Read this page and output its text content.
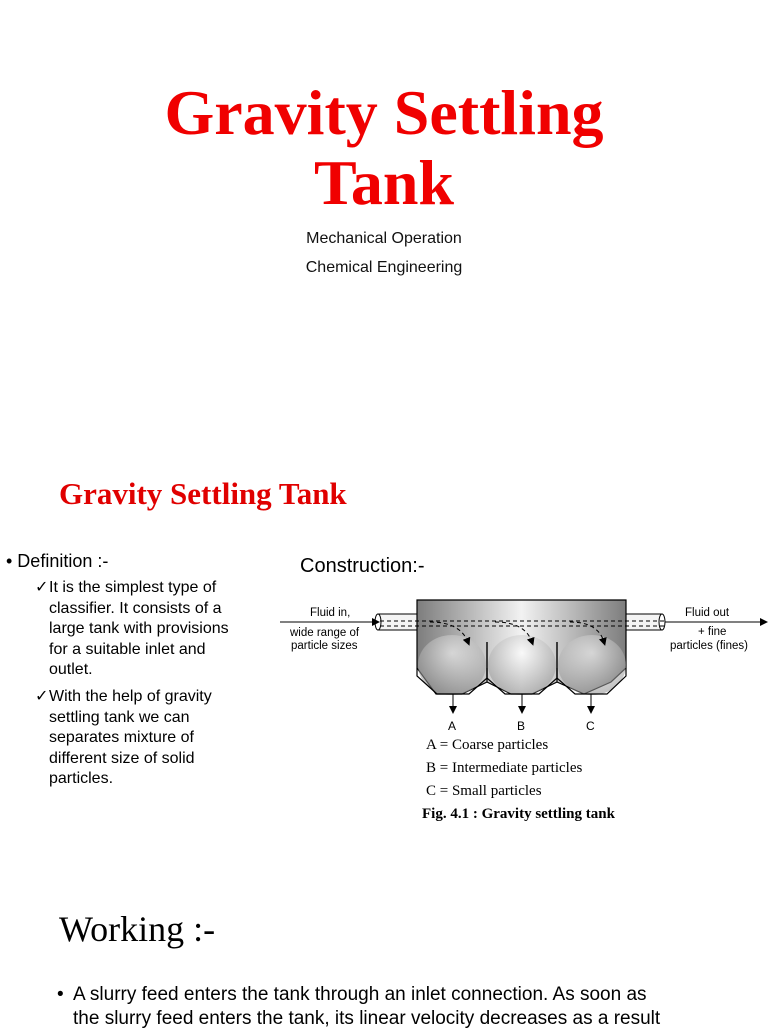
Gravity Settling
Tank
Mechanical Operation
Chemical Engineering
Gravity Settling Tank
• Definition :-
✓ It is the simplest type of
classifier. It consists of a
large tank with provisions
for a suitable inlet and
outlet.
✓ With the help of gravity
settling tank we can
separates mixture of
different size of solid
particles.
Construction:-
A	B	C
Fluid in,
wide range of
particle sizes
Fluid out
+ fine
particles (fines)
A = Coarse particles
B = Intermediate particles
C = Small particles
Fig. 4.1 : Gravity settling tank
Working :-
• A slurry feed enters the tank through an inlet connection. As soon as
the slurry feed enters the tank, its linear velocity decreases as a result
